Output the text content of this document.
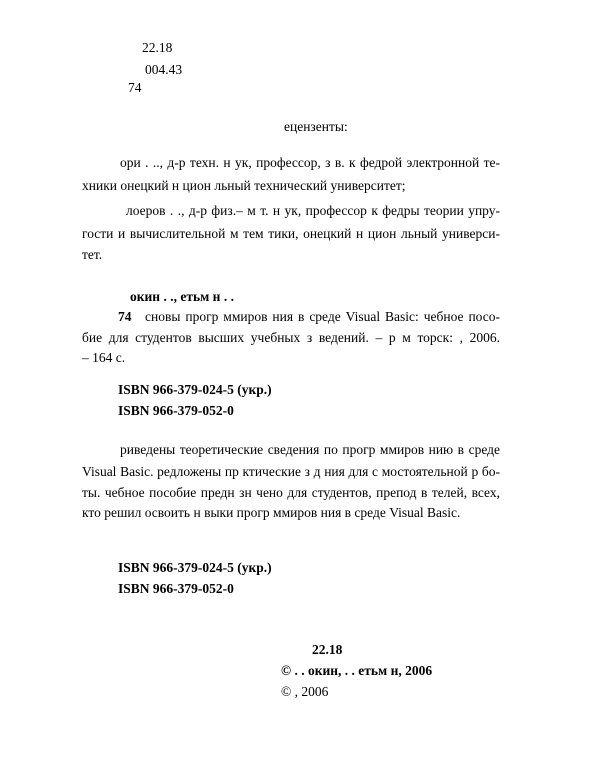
22.18
004.43
74
ецензенты:
ори . .., д-р техн. н ук, профессор, з в. к федрой электронной те-
хники онецкий н цион льный технический университет;
лоеров . ., д-р физ.– м т. н ук, профессор к федры теории упру-
гости и вычислительной м тем тики, онецкий н цион льный универси-
тет.
окин . ., етьм н . .
74 сновы прогр ммиров ния в среде Visual Basic: чебное посо-
бие для студентов высших учебных з ведений. – р м торск: , 2006.
– 164 с.
ISBN 966-379-024-5 (укр.)
ISBN 966-379-052-0
риведены теоретические сведения по прогр ммиров нию в среде
Visual Basic. редложены пр ктические з д ния для с мостоятельной р бо-
ты. чебное пособие предн зн чено для студентов, препод в телей, всех,
кто решил освоить н выки прогр ммиров ния в среде Visual Basic.
ISBN 966-379-024-5 (укр.)
ISBN 966-379-052-0
22.18
© . . окин, . . етьм н, 2006
© , 2006
